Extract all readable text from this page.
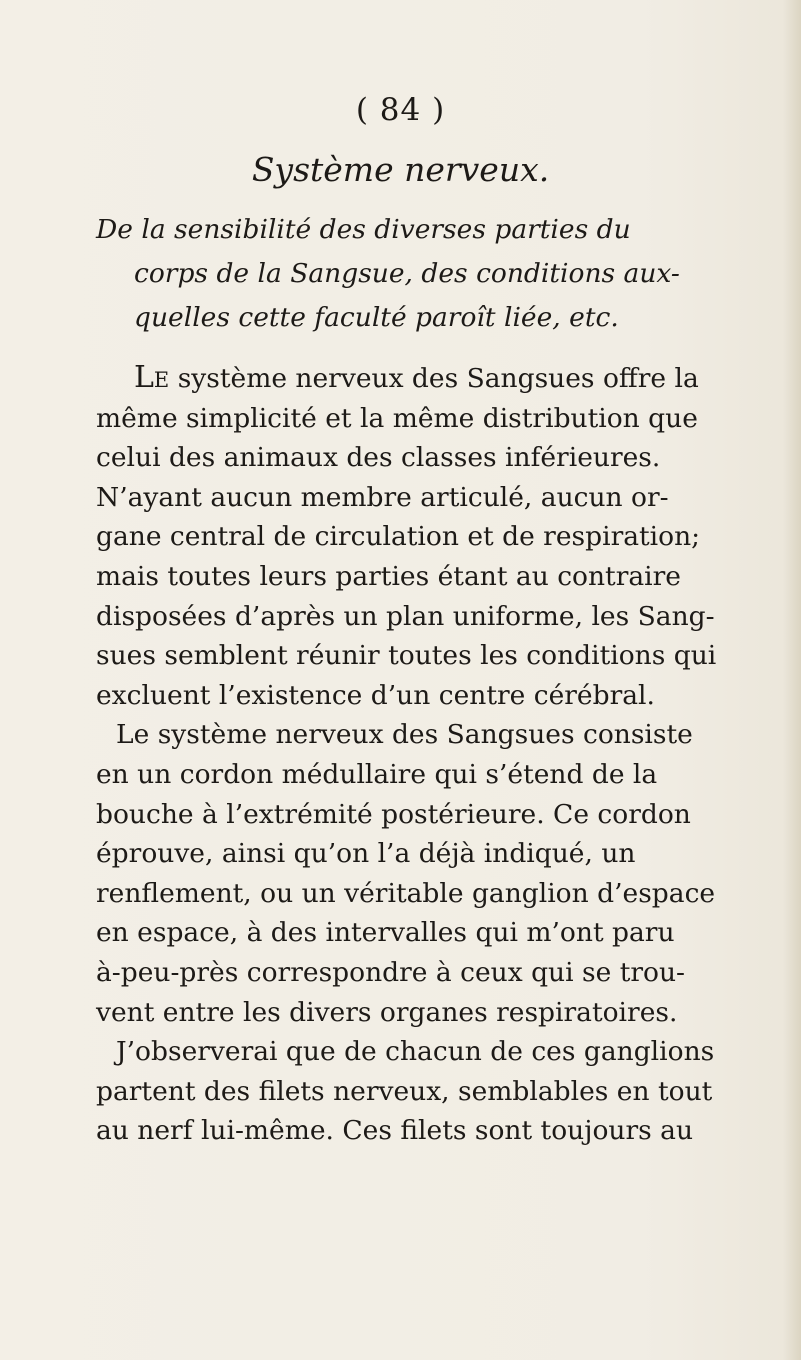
( 84 )
Système nerveux.

De la sensibilité des diverses parties du
corps de la Sangsue, des conditions aux-
quelles cette faculté paroît liée, etc.

Le système nerveux des Sangsues offre la
même simplicité et la même distribution que
celui des animaux des classes inférieures.
N’ayant aucun membre articulé, aucun or-
gane central de circulation et de respiration;
mais toutes leurs parties étant au contraire
disposées d’après un plan uniforme, les Sang-
sues semblent réunir toutes les conditions qui
excluent l’existence d’un centre cérébral.
Le système nerveux des Sangsues consiste
en un cordon médullaire qui s’étend de la
bouche à l’extrémité postérieure. Ce cordon
éprouve, ainsi qu’on l’a déjà indiqué, un
renflement, ou un véritable ganglion d’espace
en espace, à des intervalles qui m’ont paru
à-peu-près correspondre à ceux qui se trou-
vent entre les divers organes respiratoires.
J’observerai que de chacun de ces ganglions
partent des filets nerveux, semblables en tout
au nerf lui-même. Ces filets sont toujours au
